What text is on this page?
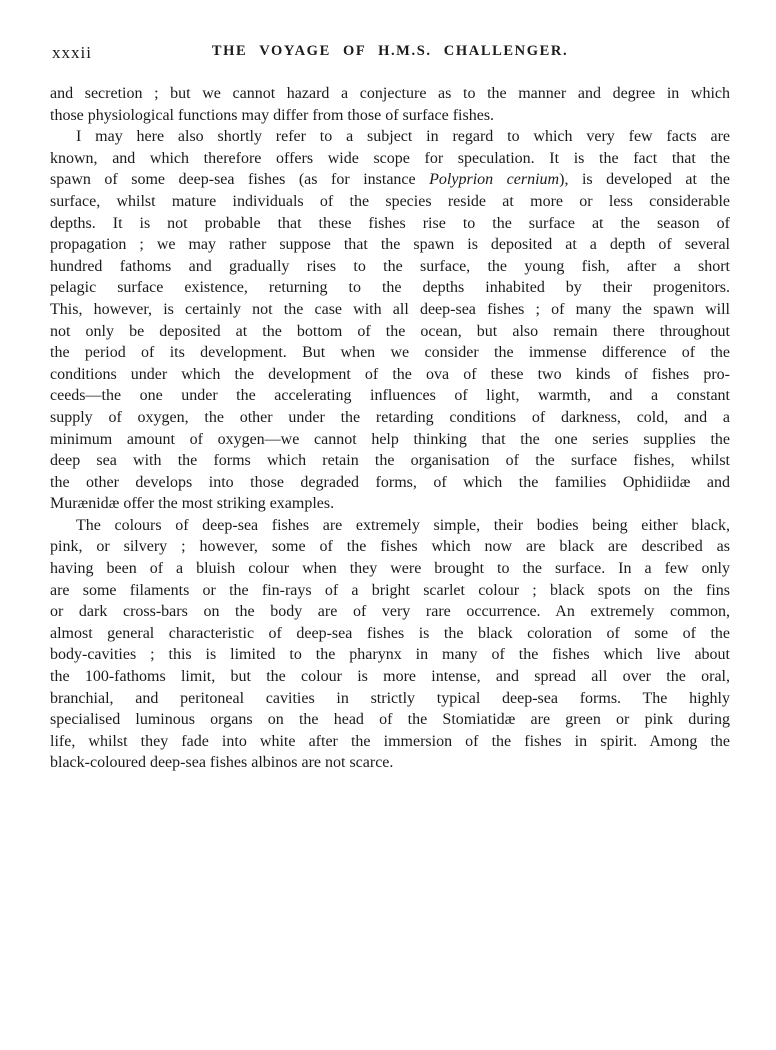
xxxii	THE VOYAGE OF H.M.S. CHALLENGER.
and secretion ; but we cannot hazard a conjecture as to the manner and degree in which
those physiological functions may differ from those of surface fishes.
I may here also shortly refer to a subject in regard to which very few facts are
known, and which therefore offers wide scope for speculation. It is the fact that the
spawn of some deep-sea fishes (as for instance Polyprion cernium), is developed at the
surface, whilst mature individuals of the species reside at more or less considerable
depths. It is not probable that these fishes rise to the surface at the season of
propagation ; we may rather suppose that the spawn is deposited at a depth of several
hundred fathoms and gradually rises to the surface, the young fish, after a short
pelagic surface existence, returning to the depths inhabited by their progenitors.
This, however, is certainly not the case with all deep-sea fishes ; of many the spawn will
not only be deposited at the bottom of the ocean, but also remain there throughout
the period of its development. But when we consider the immense difference of the
conditions under which the development of the ova of these two kinds of fishes pro-
ceeds—the one under the accelerating influences of light, warmth, and a constant
supply of oxygen, the other under the retarding conditions of darkness, cold, and a
minimum amount of oxygen—we cannot help thinking that the one series supplies the
deep sea with the forms which retain the organisation of the surface fishes, whilst
the other develops into those degraded forms, of which the families Ophidiidæ and
Murænidæ offer the most striking examples.
The colours of deep-sea fishes are extremely simple, their bodies being either black,
pink, or silvery ; however, some of the fishes which now are black are described as
having been of a bluish colour when they were brought to the surface. In a few only
are some filaments or the fin-rays of a bright scarlet colour ; black spots on the fins
or dark cross-bars on the body are of very rare occurrence. An extremely common,
almost general characteristic of deep-sea fishes is the black coloration of some of the
body-cavities ; this is limited to the pharynx in many of the fishes which live about
the 100-fathoms limit, but the colour is more intense, and spread all over the oral,
branchial, and peritoneal cavities in strictly typical deep-sea forms. The highly
specialised luminous organs on the head of the Stomiatidæ are green or pink during
life, whilst they fade into white after the immersion of the fishes in spirit. Among the
black-coloured deep-sea fishes albinos are not scarce.
